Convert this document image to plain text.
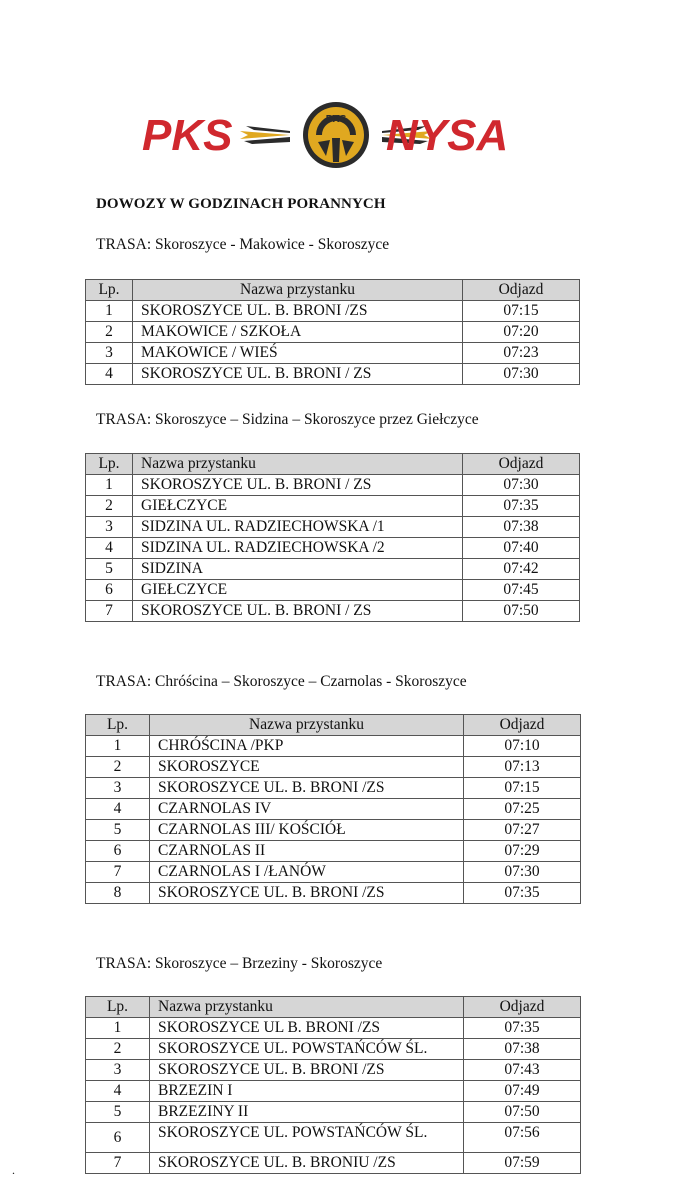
PKS
PKS	NYSA
DOWOZY W GODZINACH PORANNYCH
TRASA: Skoroszyce - Makowice - Skoroszyce
Lp.	Nazwa przystanku	Odjazd
1	SKOROSZYCE UL. B. BRONI /ZS	07:15
2	MAKOWICE / SZKOŁA	07:20
3	MAKOWICE / WIEŚ	07:23
4	SKOROSZYCE UL. B. BRONI / ZS	07:30
TRASA: Skoroszyce – Sidzina – Skoroszyce przez Giełczyce
Lp.	Nazwa przystanku	Odjazd
1	SKOROSZYCE UL. B. BRONI / ZS	07:30
2	GIEŁCZYCE	07:35
3	SIDZINA UL. RADZIECHOWSKA /1	07:38
4	SIDZINA UL. RADZIECHOWSKA /2	07:40
5	SIDZINA	07:42
6	GIEŁCZYCE	07:45
7	SKOROSZYCE UL. B. BRONI / ZS	07:50
TRASA: Chróścina – Skoroszyce – Czarnolas - Skoroszyce
Lp.	Nazwa przystanku	Odjazd
1	CHRÓŚCINA /PKP	07:10
2	SKOROSZYCE	07:13
3	SKOROSZYCE UL. B. BRONI /ZS	07:15
4	CZARNOLAS IV	07:25
5	CZARNOLAS III/ KOŚCIÓŁ	07:27
6	CZARNOLAS II	07:29
7	CZARNOLAS I /ŁANÓW	07:30
8	SKOROSZYCE UL. B. BRONI /ZS	07:35
TRASA: Skoroszyce – Brzeziny - Skoroszyce
Lp.	Nazwa przystanku	Odjazd
1	SKOROSZYCE UL B. BRONI /ZS	07:35
2	SKOROSZYCE UL. POWSTAŃCÓW ŚL.	07:38
3	SKOROSZYCE UL. B. BRONI /ZS	07:43
4	BRZEZIN I	07:49
5	BRZEZINY II	07:50
6	SKOROSZYCE UL. POWSTAŃCÓW ŚL.	07:56
7	SKOROSZYCE UL. B. BRONIU /ZS	07:59
.
